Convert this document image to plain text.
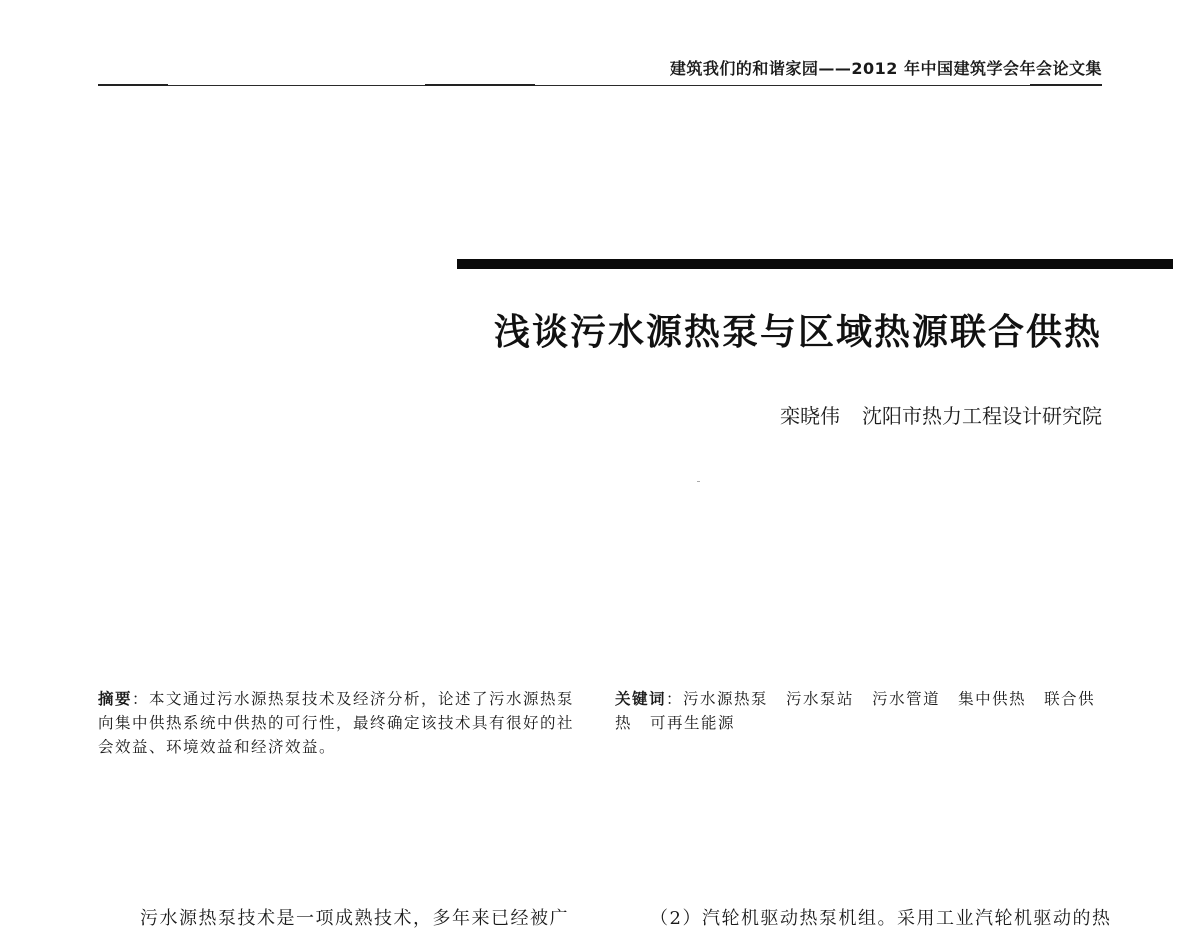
建筑我们的和谐家园——2012 年中国建筑学会年会论文集
浅谈污水源热泵与区域热源联合供热
栾晓伟 沈阳市热力工程设计研究院
摘要：本文通过污水源热泵技术及经济分析，论述了污水源热泵向集中供热系统中供热的可行性，最终确定该技术具有很好的社会效益、环境效益和经济效益。
关键词：污水源热泵 污水泵站 污水管道 集中供热 联合供热 可再生能源
污水源热泵技术是一项成熟技术，多年来已经被广	（2）汽轮机驱动热泵机组。采用工业汽轮机驱动的热
